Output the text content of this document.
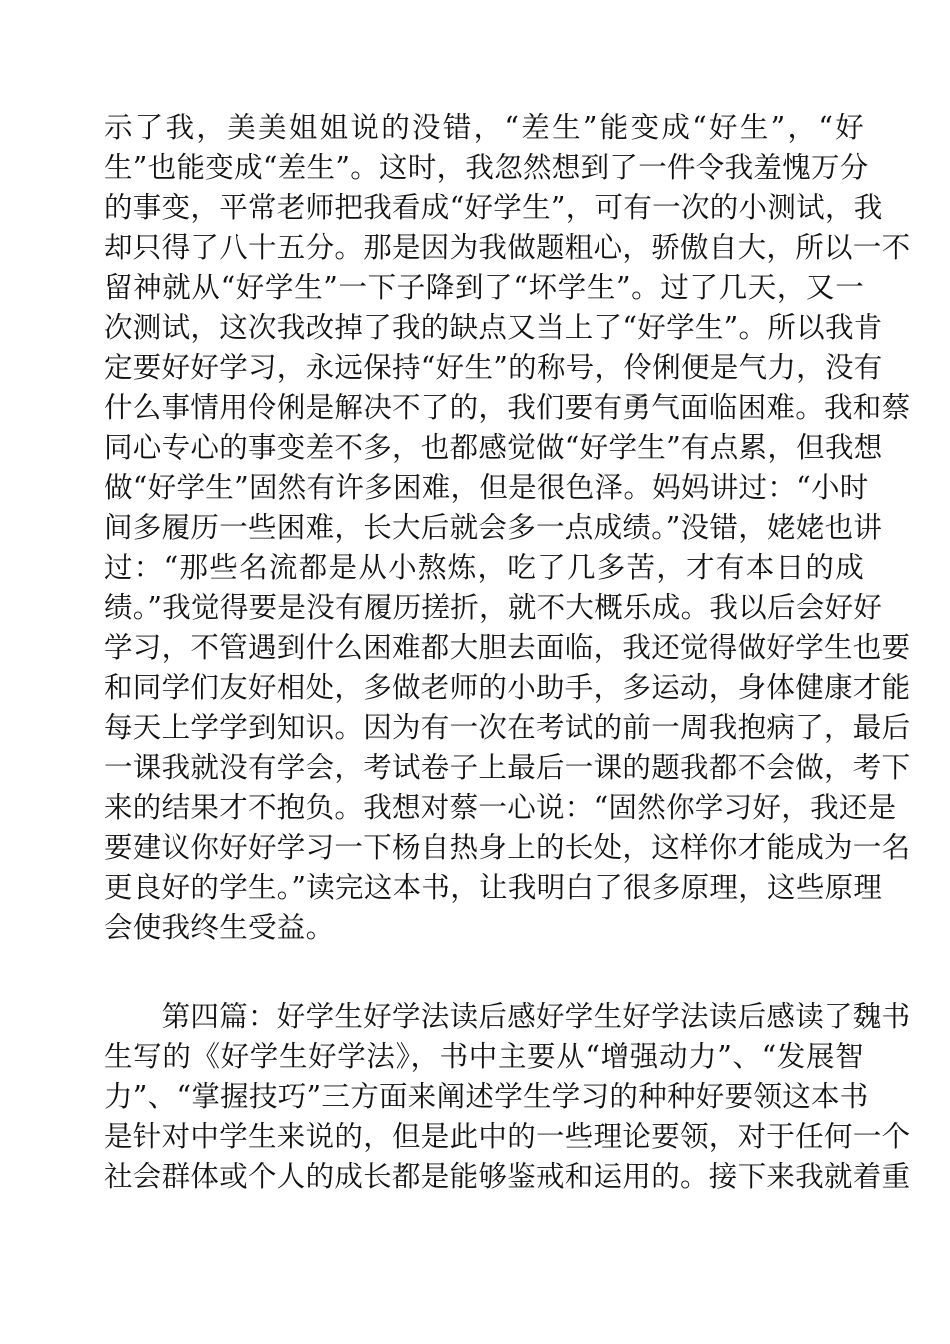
示了我，美美姐姐说的没错，“差生”能变成“好生”，“好
生”也能变成“差生”。这时，我忽然想到了一件令我羞愧万分
的事变，平常老师把我看成“好学生”，可有一次的小测试，我
却只得了八十五分。那是因为我做题粗心，骄傲自大，所以一不
留神就从“好学生”一下子降到了“坏学生”。过了几天，又一
次测试，这次我改掉了我的缺点又当上了“好学生”。所以我肯
定要好好学习，永远保持“好生”的称号，伶俐便是气力，没有
什么事情用伶俐是解决不了的，我们要有勇气面临困难。我和蔡
同心专心的事变差不多，也都感觉做“好学生”有点累，但我想
做“好学生”固然有许多困难，但是很色泽。妈妈讲过：“小时
间多履历一些困难，长大后就会多一点成绩。”没错，姥姥也讲
过：“那些名流都是从小熬炼，吃了几多苦，才有本日的成
绩。”我觉得要是没有履历搓折，就不大概乐成。我以后会好好
学习，不管遇到什么困难都大胆去面临，我还觉得做好学生也要
和同学们友好相处，多做老师的小助手，多运动，身体健康才能
每天上学学到知识。因为有一次在考试的前一周我抱病了，最后
一课我就没有学会，考试卷子上最后一课的题我都不会做，考下
来的结果才不抱负。我想对蔡一心说：“固然你学习好，我还是
要建议你好好学习一下杨自热身上的长处，这样你才能成为一名
更良好的学生。”读完这本书，让我明白了很多原理，这些原理
会使我终生受益。
　　第四篇：好学生好学法读后感好学生好学法读后感读了魏书
生写的《好学生好学法》，书中主要从“增强动力”、“发展智
力”、“掌握技巧”三方面来阐述学生学习的种种好要领这本书
是针对中学生来说的，但是此中的一些理论要领，对于任何一个
社会群体或个人的成长都是能够鉴戒和运用的。接下来我就着重
